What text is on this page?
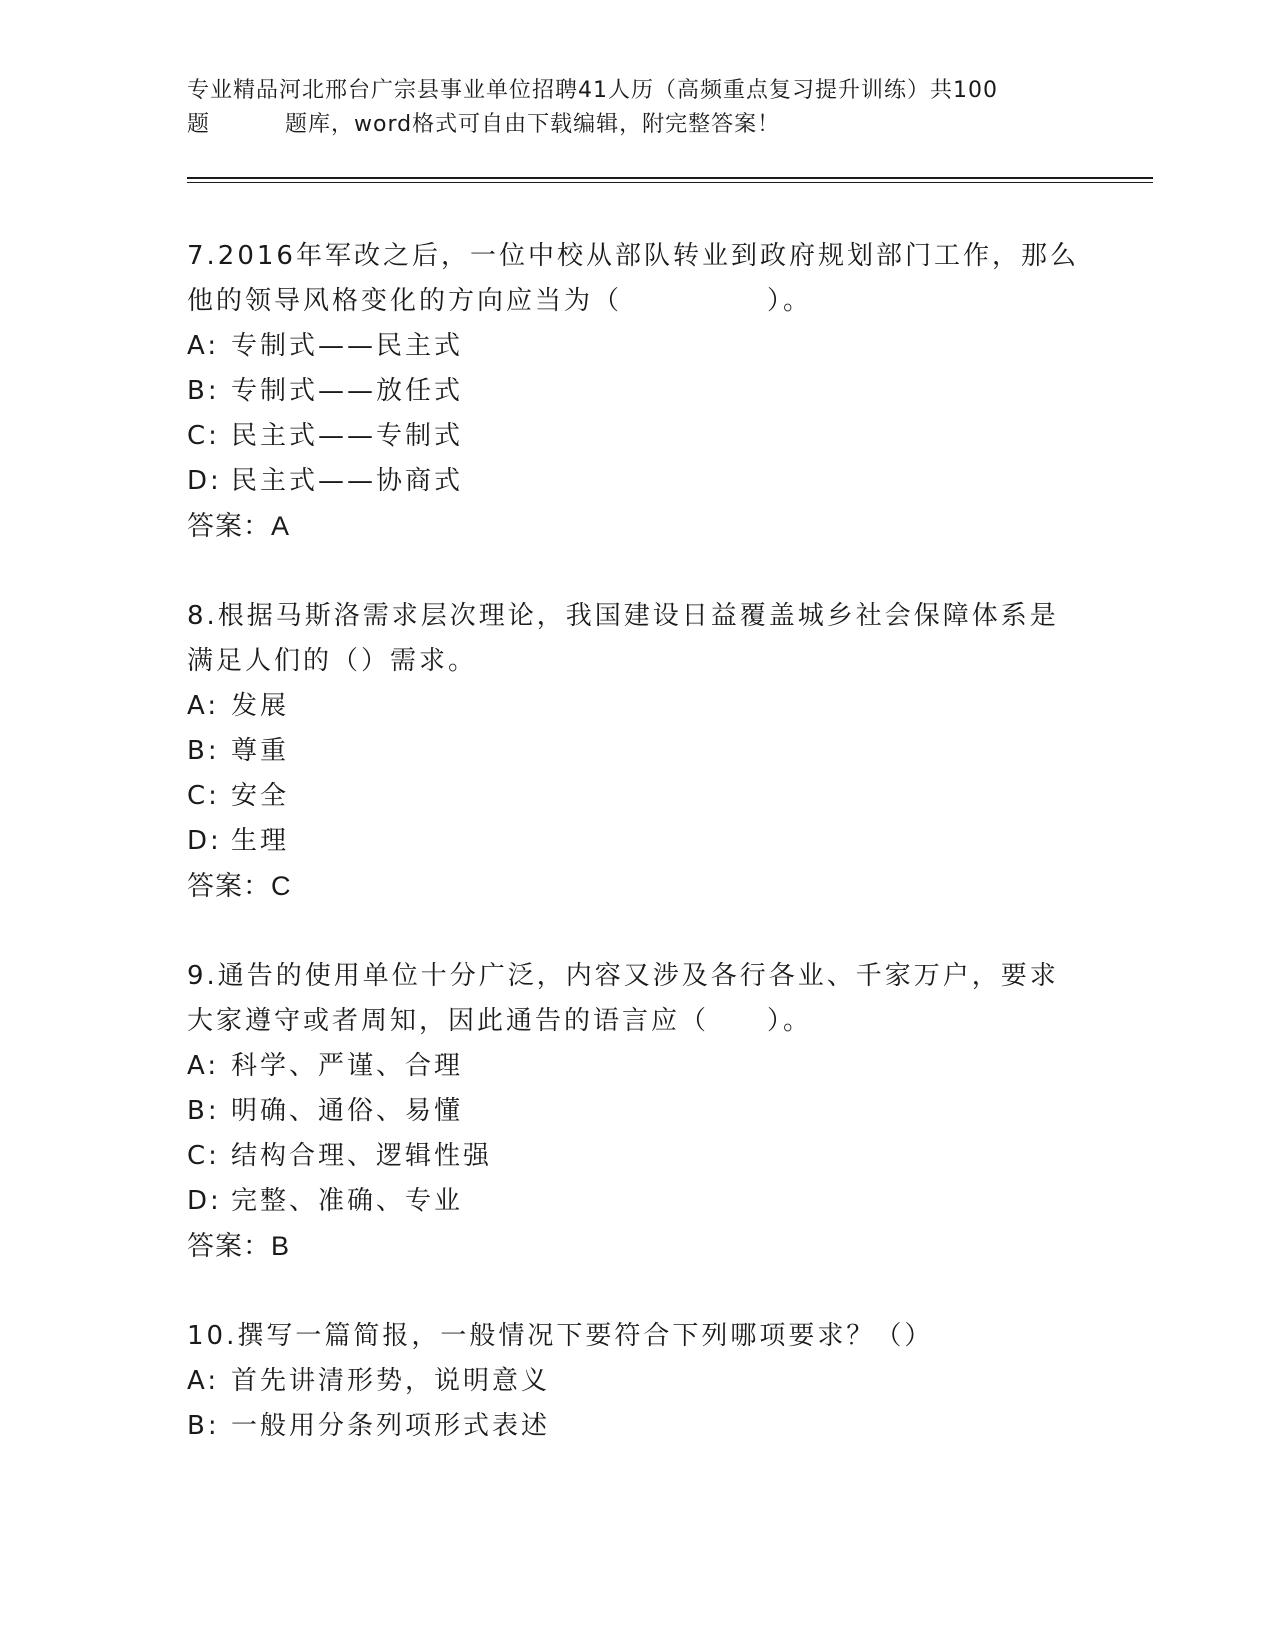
专业精品河北邢台广宗县事业单位招聘41人历（高频重点复习提升训练）共100
题	题库，word格式可自由下载编辑，附完整答案！
7.2016年军改之后，一位中校从部队转业到政府规划部门工作，那么
他的领导风格变化的方向应当为（　　　　　）。
A: 专制式——民主式
B: 专制式——放任式
C: 民主式——专制式
D: 民主式——协商式
答案：A
8.根据马斯洛需求层次理论，我国建设日益覆盖城乡社会保障体系是
满足人们的（）需求。
A: 发展
B: 尊重
C: 安全
D: 生理
答案：C
9.通告的使用单位十分广泛，内容又涉及各行各业、千家万户，要求
大家遵守或者周知，因此通告的语言应（　　）。
A: 科学、严谨、合理
B: 明确、通俗、易懂
C: 结构合理、逻辑性强
D: 完整、准确、专业
答案：B
10.撰写一篇简报，一般情况下要符合下列哪项要求？（）
A: 首先讲清形势，说明意义
B: 一般用分条列项形式表述
